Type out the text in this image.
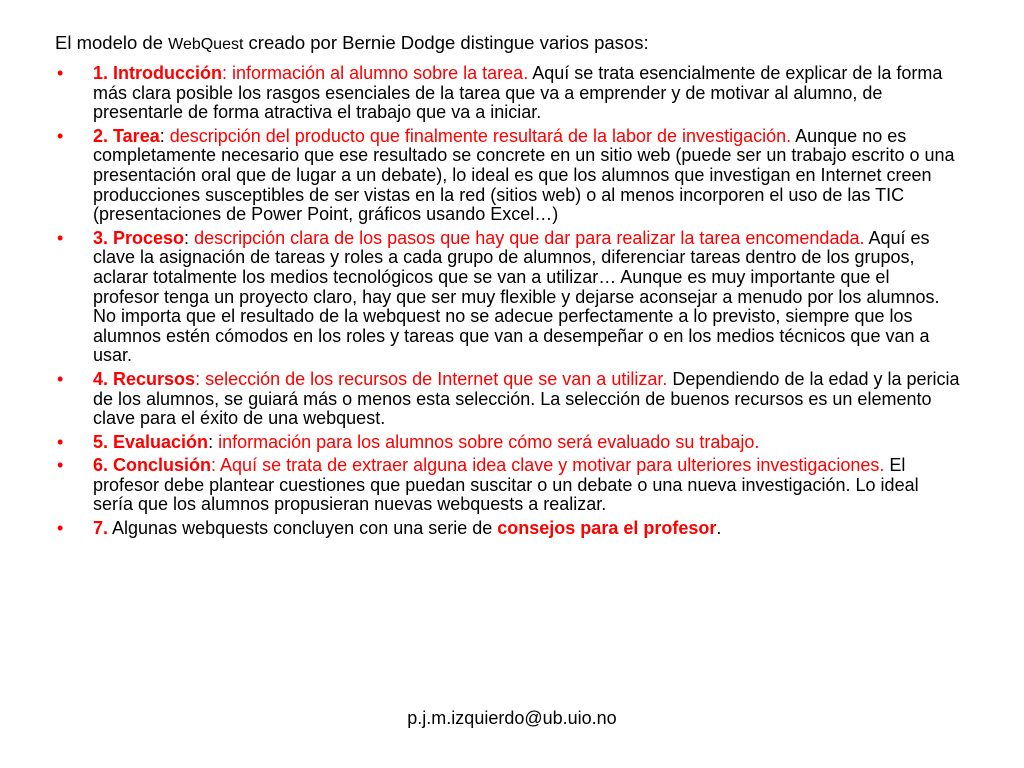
El modelo de WebQuest creado por Bernie Dodge distingue varios pasos:

• 1. Introducción: información al alumno sobre la tarea. Aquí se trata esencialmente de explicar de la forma más clara posible los rasgos esenciales de la tarea que va a emprender y de motivar al alumno, de presentarle de forma atractiva el trabajo que va a iniciar.
• 2. Tarea: descripción del producto que finalmente resultará de la labor de investigación. Aunque no es completamente necesario que ese resultado se concrete en un sitio web (puede ser un trabajo escrito o una presentación oral que de lugar a un debate), lo ideal es que los alumnos que investigan en Internet creen producciones susceptibles de ser vistas en la red (sitios web) o al menos incorporen el uso de las TIC (presentaciones de Power Point, gráficos usando Excel…)
• 3. Proceso: descripción clara de los pasos que hay que dar para realizar la tarea encomendada. Aquí es clave la asignación de tareas y roles a cada grupo de alumnos, diferenciar tareas dentro de los grupos, aclarar totalmente los medios tecnológicos que se van a utilizar… Aunque es muy importante que el profesor tenga un proyecto claro, hay que ser muy flexible y dejarse aconsejar a menudo por los alumnos. No importa que el resultado de la webquest no se adecue perfectamente a lo previsto, siempre que los alumnos estén cómodos en los roles y tareas que van a desempeñar o en los medios técnicos que van a usar.
• 4. Recursos: selección de los recursos de Internet que se van a utilizar. Dependiendo de la edad y la pericia de los alumnos, se guiará más o menos esta selección. La selección de buenos recursos es un elemento clave para el éxito de una webquest.
• 5. Evaluación: información para los alumnos sobre cómo será evaluado su trabajo.
• 6. Conclusión: Aquí se trata de extraer alguna idea clave y motivar para ulteriores investigaciones. El profesor debe plantear cuestiones que puedan suscitar o un debate o una nueva investigación. Lo ideal sería que los alumnos propusieran nuevas webquests a realizar.
• 7. Algunas webquests concluyen con una serie de consejos para el profesor.
p.j.m.izquierdo@ub.uio.no
